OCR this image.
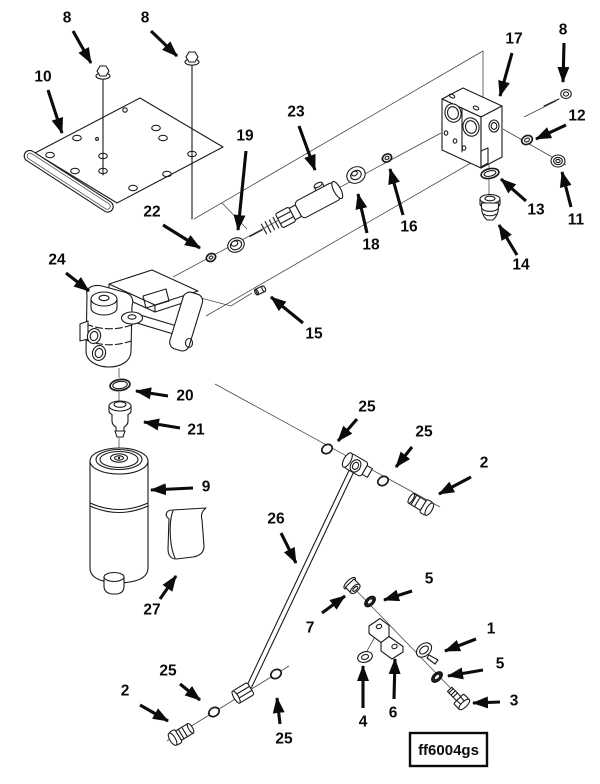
ff6004gs
8	8
10
22
19
23
18
16
17
8
12
13
11
14
24
15
20
21
9
27
26
25
25
2
7
5
1
5
3
4
6
2
25
25
